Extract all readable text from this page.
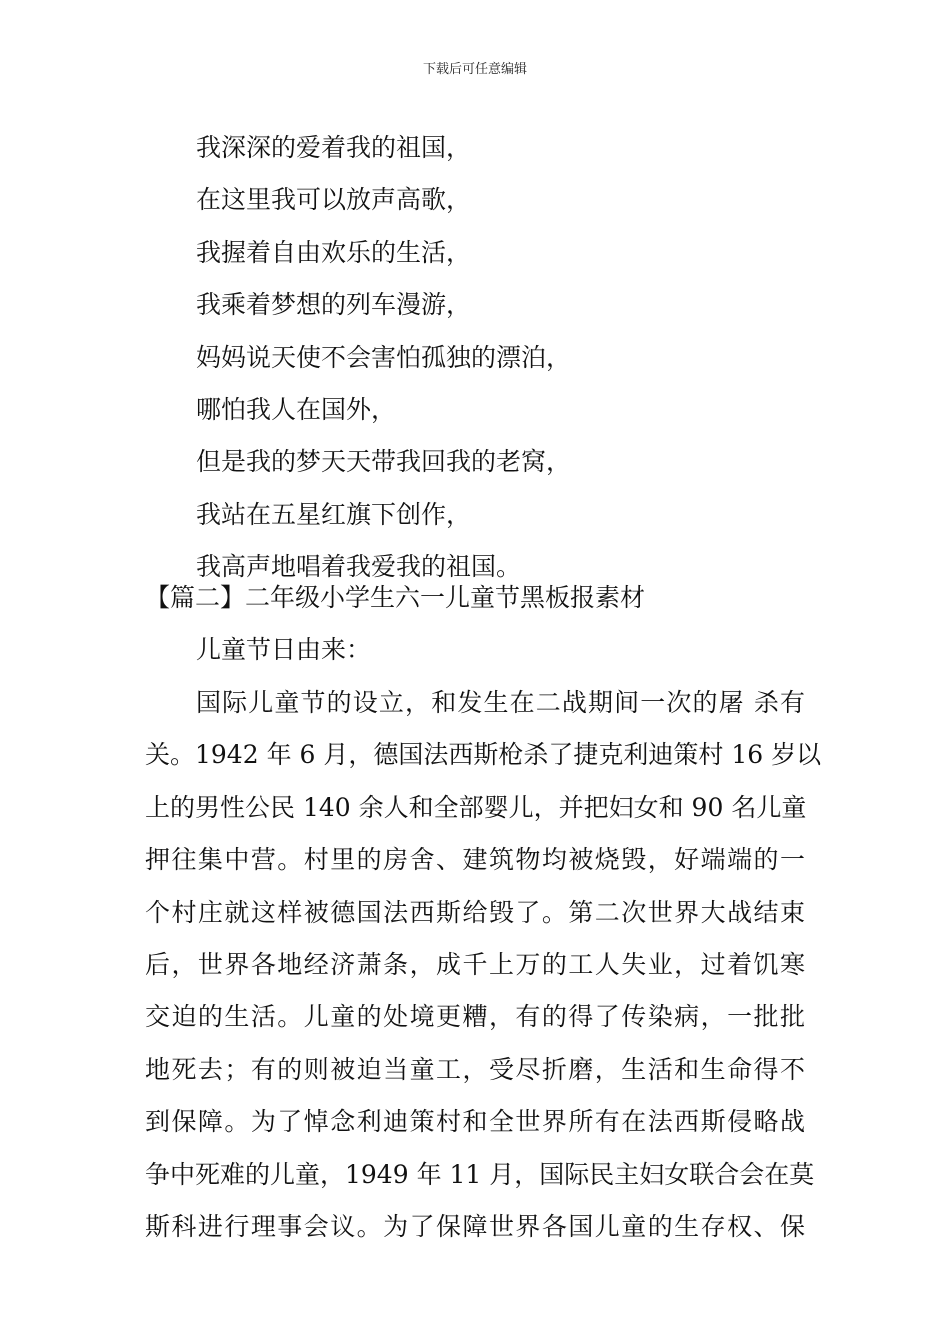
下载后可任意编辑
我深深的爱着我的祖国，
在这里我可以放声高歌，
我握着自由欢乐的生活，
我乘着梦想的列车漫游，
妈妈说天使不会害怕孤独的漂泊，
哪怕我人在国外，
但是我的梦天天带我回我的老窝，
我站在五星红旗下创作，
我高声地唱着我爱我的祖国。
【篇二】二年级小学生六一儿童节黑板报素材
儿童节日由来：
国际儿童节的设立，和发生在二战期间一次的屠 杀有
关。1942 年 6 月，德国法西斯枪杀了捷克利迪策村 16 岁以
上的男性公民 140 余人和全部婴儿，并把妇女和 90 名儿童
押往集中营。村里的房舍、建筑物均被烧毁，好端端的一
个村庄就这样被德国法西斯给毁了。第二次世界大战结束
后，世界各地经济萧条，成千上万的工人失业，过着饥寒
交迫的生活。儿童的处境更糟，有的得了传染病，一批批
地死去；有的则被迫当童工，受尽折磨，生活和生命得不
到保障。为了悼念利迪策村和全世界所有在法西斯侵略战
争中死难的儿童，1949 年 11 月，国际民主妇女联合会在莫
斯科进行理事会议。为了保障世界各国儿童的生存权、保
